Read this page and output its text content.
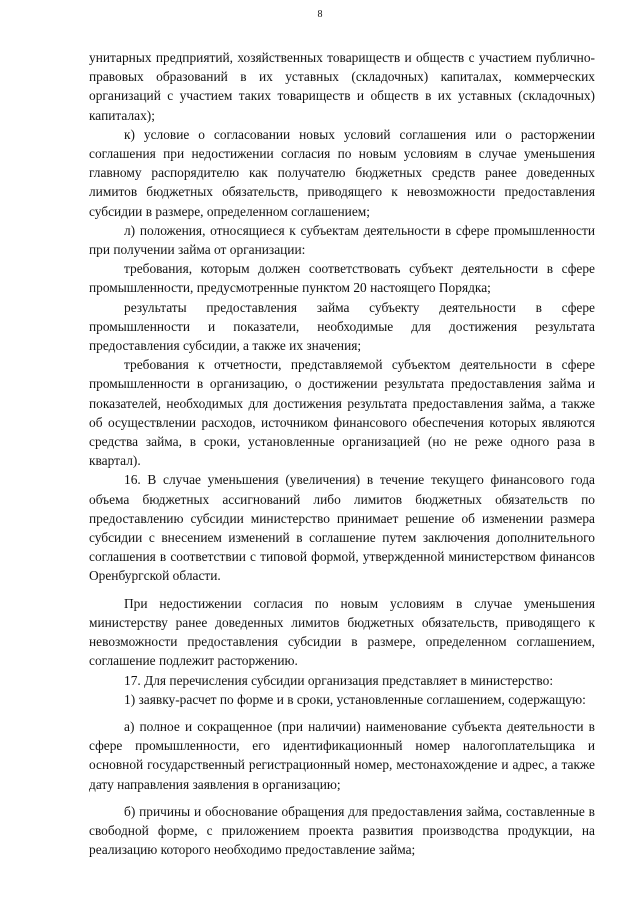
8

унитарных предприятий, хозяйственных товариществ и обществ с участием публично-правовых образований в их уставных (складочных) капиталах, коммерческих организаций с участием таких товариществ и обществ в их уставных (складочных) капиталах);

к) условие о согласовании новых условий соглашения или о расторжении соглашения при недостижении согласия по новым условиям в случае уменьшения главному распорядителю как получателю бюджетных средств ранее доведенных лимитов бюджетных обязательств, приводящего к невозможности предоставления субсидии в размере, определенном соглашением;

л) положения, относящиеся к субъектам деятельности в сфере промышленности при получении займа от организации:

требования, которым должен соответствовать субъект деятельности в сфере промышленности, предусмотренные пунктом 20 настоящего Порядка;

результаты предоставления займа субъекту деятельности в сфере промышленности и показатели, необходимые для достижения результата предоставления субсидии, а также их значения;

требования к отчетности, представляемой субъектом деятельности в сфере промышленности в организацию, о достижении результата предоставления займа и показателей, необходимых для достижения результата предоставления займа, а также об осуществлении расходов, источником финансового обеспечения которых являются средства займа, в сроки, установленные организацией (но не реже одного раза в квартал).

16. В случае уменьшения (увеличения) в течение текущего финансового года объема бюджетных ассигнований либо лимитов бюджетных обязательств по предоставлению субсидии министерство принимает решение об изменении размера субсидии с внесением изменений в соглашение путем заключения дополнительного соглашения в соответствии с типовой формой, утвержденной министерством финансов Оренбургской области.

При недостижении согласия по новым условиям в случае уменьшения министерству ранее доведенных лимитов бюджетных обязательств, приводящего к невозможности предоставления субсидии в размере, определенном соглашением, соглашение подлежит расторжению.

17. Для перечисления субсидии организация представляет в министерство:

1) заявку-расчет по форме и в сроки, установленные соглашением, содержащую:

а) полное и сокращенное (при наличии) наименование субъекта деятельности в сфере промышленности, его идентификационный номер налогоплательщика и основной государственный регистрационный номер, местонахождение и адрес, а также дату направления заявления в организацию;

б) причины и обоснование обращения для предоставления займа, составленные в свободной форме, с приложением проекта развития производства продукции, на реализацию которого необходимо предоставление займа;
